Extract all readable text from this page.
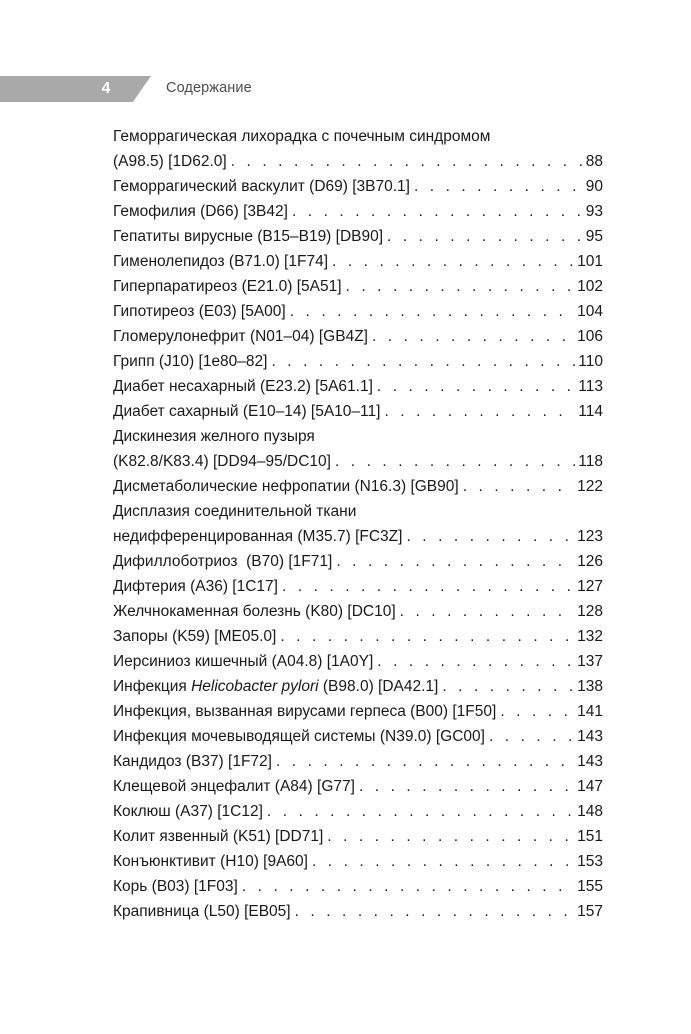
4	Содержание
Геморрагическая лихорадка с почечным синдромом
(A98.5) [1D62.0] . . .	88
Геморрагический васкулит (D69) [3B70.1] . . .	90
Гемофилия (D66) [3B42] . . .	93
Гепатиты вирусные (B15–B19) [DB90] . . .	95
Гименолепидоз (B71.0) [1F74] . . .	101
Гиперпаратиреоз (E21.0) [5A51] . . .	102
Гипотиреоз (E03) [5A00] . . .	104
Гломерулонефрит (N01–04) [GB4Z] . . .	106
Грипп (J10) [1e80–82] . . .	110
Диабет несахарный (E23.2) [5A61.1] . . .	113
Диабет сахарный (E10–14) [5A10–11] . . .	114
Дискинезия желного пузыря
(K82.8/K83.4) [DD94–95/DC10] . . .	118
Дисметаболические нефропатии (N16.3) [GB90] . . .	122
Дисплазия соединительной ткани
недифференцированная (M35.7) [FC3Z] . . .	123
Дифиллоботриоз  (B70) [1F71] . . .	126
Дифтерия (A36) [1C17] . . .	127
Желчнокаменная болезнь (K80) [DC10] . . .	128
Запоры (K59) [ME05.0] . . .	132
Иерсиниоз кишечный (A04.8) [1A0Y] . . .	137
Инфекция Helicobacter pylori (B98.0) [DA42.1] . . .	138
Инфекция, вызванная вирусами герпеса (B00) [1F50] . . .	141
Инфекция мочевыводящей системы (N39.0) [GC00] . . .	143
Кандидоз (B37) [1F72] . . .	143
Клещевой энцефалит (A84) [G77] . . .	147
Коклюш (A37) [1C12] . . .	148
Колит язвенный (K51) [DD71] . . .	151
Конъюнктивит (H10) [9A60] . . .	153
Корь (B03) [1F03] . . .	155
Крапивница (L50) [EB05] . . .	157
